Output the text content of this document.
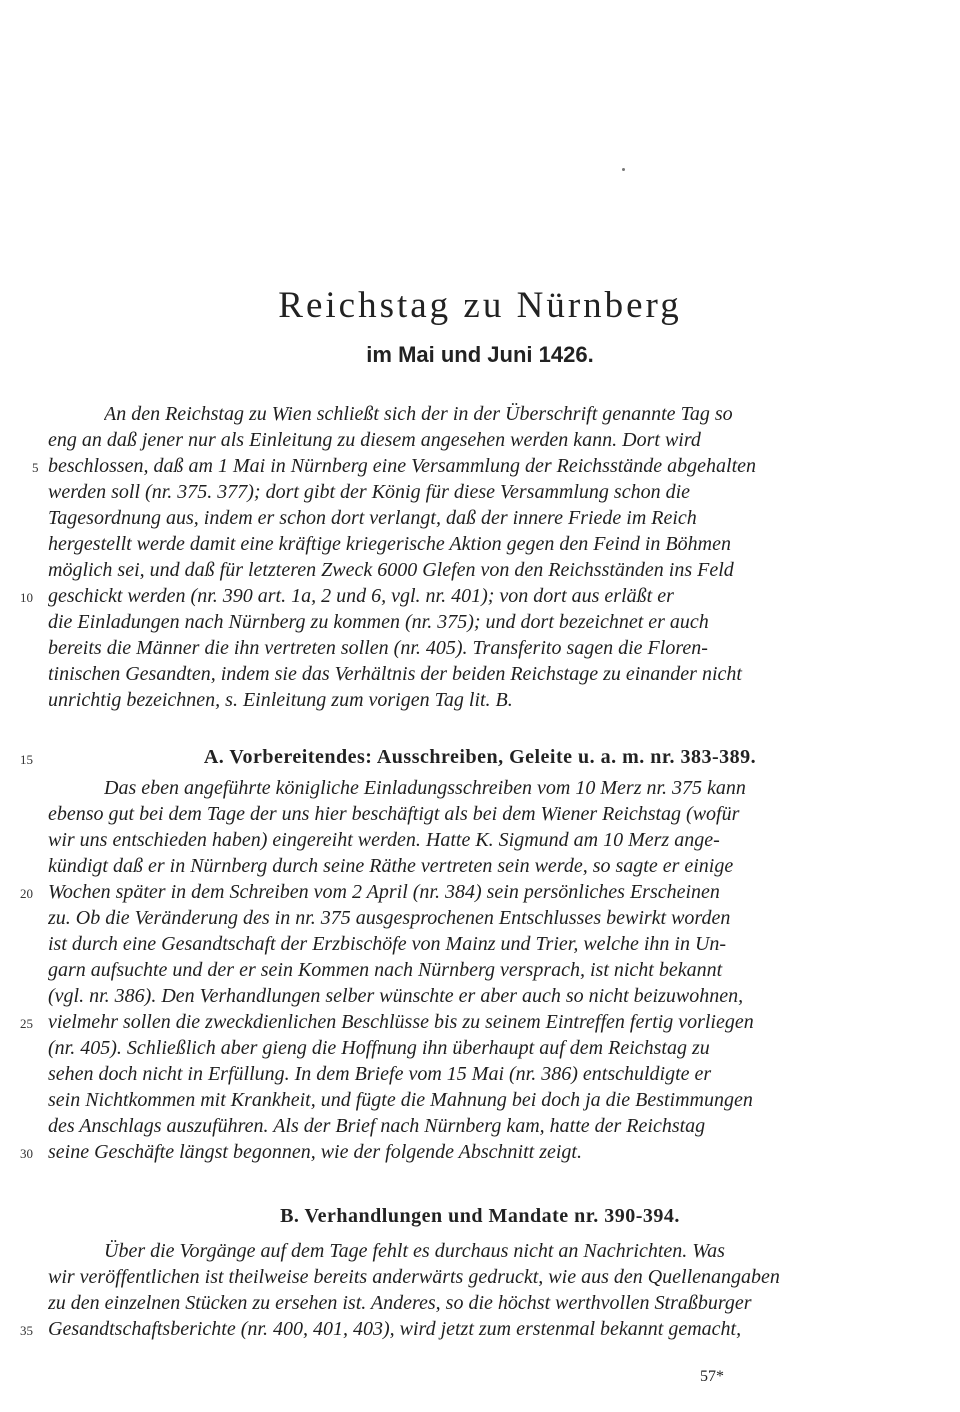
Reichstag zu Nürnberg
im Mai und Juni 1426.
An den Reichstag zu Wien schließt sich der in der Überschrift genannte Tag so
eng an daß jener nur als Einleitung zu diesem angesehen werden kann. Dort wird
beschlossen, daß am 1 Mai in Nürnberg eine Versammlung der Reichsstände abgehalten
werden soll (nr. 375. 377); dort gibt der König für diese Versammlung schon die
Tagesordnung aus, indem er schon dort verlangt, daß der innere Friede im Reich
hergestellt werde damit eine kräftige kriegerische Aktion gegen den Feind in Böhmen
möglich sei, und daß für letzteren Zweck 6000 Glefen von den Reichsständen ins Feld
geschickt werden (nr. 390 art. 1a, 2 und 6, vgl. nr. 401); von dort aus erläßt er
die Einladungen nach Nürnberg zu kommen (nr. 375); und dort bezeichnet er auch
bereits die Männer die ihn vertreten sollen (nr. 405). Transferito sagen die Floren-
tinischen Gesandten, indem sie das Verhältnis der beiden Reichstage zu einander nicht
unrichtig bezeichnen, s. Einleitung zum vorigen Tag lit. B.
A. Vorbereitendes: Ausschreiben, Geleite u. a. m. nr. 383-389.
Das eben angeführte königliche Einladungsschreiben vom 10 Merz nr. 375 kann
ebenso gut bei dem Tage der uns hier beschäftigt als bei dem Wiener Reichstag (wofür
wir uns entschieden haben) eingereiht werden. Hatte K. Sigmund am 10 Merz ange-
kündigt daß er in Nürnberg durch seine Räthe vertreten sein werde, so sagte er einige
Wochen später in dem Schreiben vom 2 April (nr. 384) sein persönliches Erscheinen
zu. Ob die Veränderung des in nr. 375 ausgesprochenen Entschlusses bewirkt worden
ist durch eine Gesandtschaft der Erzbischöfe von Mainz und Trier, welche ihn in Un-
garn aufsuchte und der er sein Kommen nach Nürnberg versprach, ist nicht bekannt
(vgl. nr. 386). Den Verhandlungen selber wünschte er aber auch so nicht beizuwohnen,
vielmehr sollen die zweckdienlichen Beschlüsse bis zu seinem Eintreffen fertig vorliegen
(nr. 405). Schließlich aber gieng die Hoffnung ihn überhaupt auf dem Reichstag zu
sehen doch nicht in Erfüllung. In dem Briefe vom 15 Mai (nr. 386) entschuldigte er
sein Nichtkommen mit Krankheit, und fügte die Mahnung bei doch ja die Bestimmungen
des Anschlags auszuführen. Als der Brief nach Nürnberg kam, hatte der Reichstag
seine Geschäfte längst begonnen, wie der folgende Abschnitt zeigt.
B. Verhandlungen und Mandate nr. 390-394.
Über die Vorgänge auf dem Tage fehlt es durchaus nicht an Nachrichten. Was
wir veröffentlichen ist theilweise bereits anderwärts gedruckt, wie aus den Quellenangaben
zu den einzelnen Stücken zu ersehen ist. Anderes, so die höchst werthvollen Straßburger
Gesandtschaftsberichte (nr. 400, 401, 403), wird jetzt zum erstenmal bekannt gemacht,
5
10
15
20
25
30
35
57*
